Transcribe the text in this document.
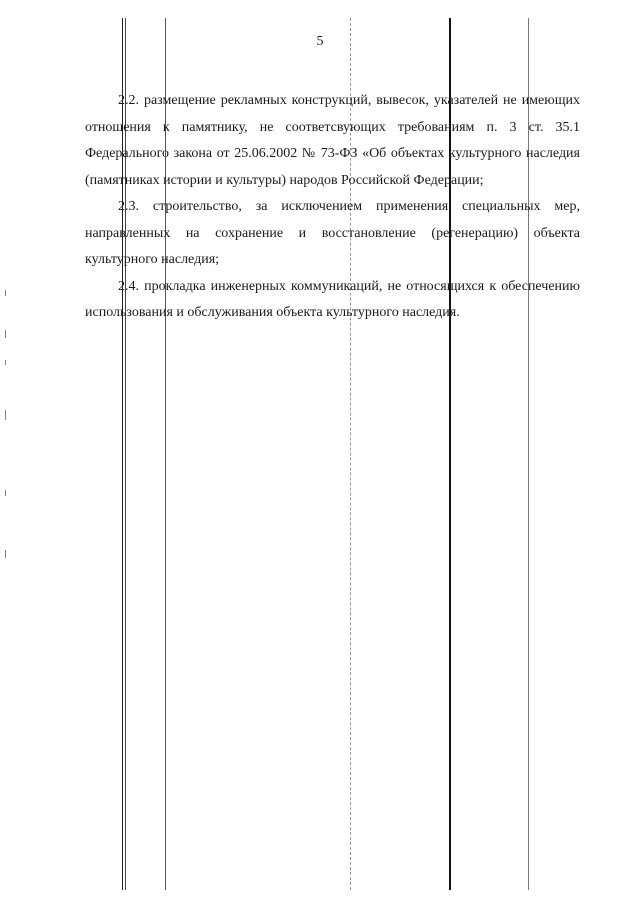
5

2.2. размещение рекламных конструкций, вывесок, указателей не имеющих отношения к памятнику, не соответсвующих требованиям п. 3 ст. 35.1 Федерального закона от 25.06.2002 № 73-ФЗ «Об объектах культурного наследия (памятниках истории и культуры) народов Российской Федерации;

2.3. строительство, за исключением применения специальных мер, направленных на сохранение и восстановление (регенерацию) объекта культурного наследия;

2.4. прокладка инженерных коммуникаций, не относящихся к обеспечению использования и обслуживания объекта культурного наследия.
